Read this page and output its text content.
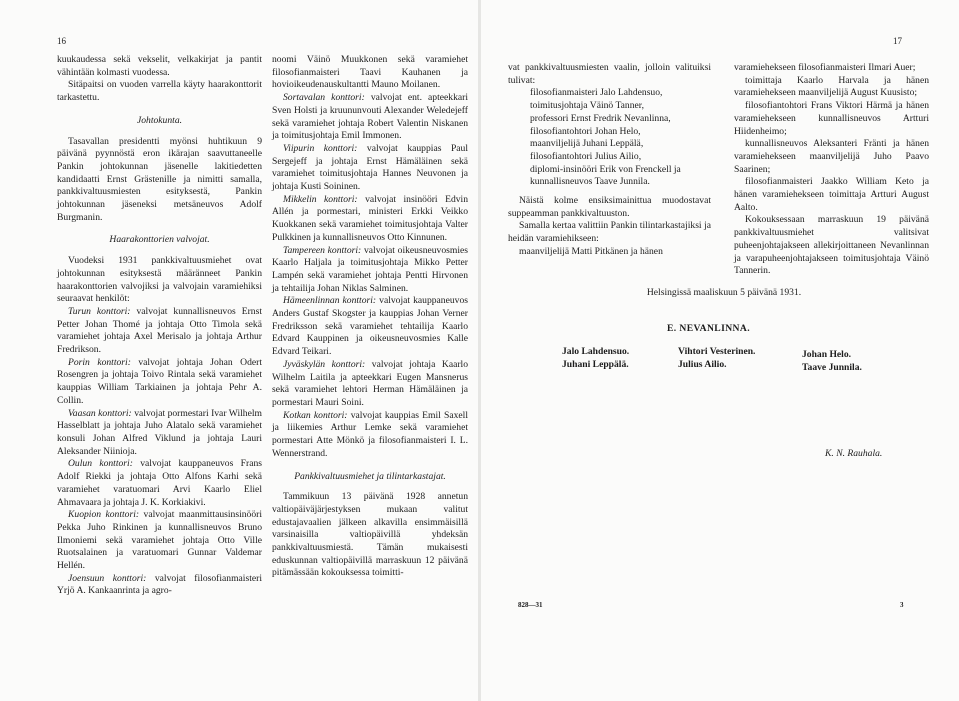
16

kuukaudessa sekä vekselit, velkakirjat ja pantit vähintään kolmasti vuodessa.

Sitäpaitsi on vuoden varrella käyty haarakonttorit tarkastettu.

Johtokunta.

Tasavallan presidentti myönsi huhtikuun 9 päivänä pyynnöstä eron ikärajan saavuttaneelle Pankin johtokunnan jäsenelle lakitiedetten kandidaatti Ernst Grästenille ja nimitti samalla, pankkivaltuusmiesten esityksestä, Pankin johtokunnan jäseneksi metsäneuvos Adolf Burgmanin.

Haarakonttorien valvojat.

Vuodeksi 1931 pankkivaltuusmiehet ovat johtokunnan esityksestä määränneet Pankin haarakonttorien valvojiksi ja valvojain varamiehiksi seuraavat henkilöt:

Turun konttori: valvojat kunnallisneuvos Ernst Petter Johan Thomé ja johtaja Otto Timola sekä varamiehet johtaja Axel Merisalo ja johtaja Arthur Fredrikson.

Porin konttori: valvojat johtaja Johan Odert Rosengren ja johtaja Toivo Rintala sekä varamiehet kauppias William Tarkiainen ja johtaja Pehr A. Collin.

Vaasan konttori: valvojat pormestari Ivar Wilhelm Hasselblatt ja johtaja Juho Alatalo sekä varamiehet konsuli Johan Alfred Viklund ja johtaja Lauri Aleksander Niinioja.

Oulun konttori: valvojat kauppaneuvos Frans Adolf Riekki ja johtaja Otto Alfons Karhi sekä varamiehet varatuomari Arvi Kaarlo Eliel Ahmavaara ja johtaja J. K. Korkiakivi.

Kuopion konttori: valvojat maanmittausinsinööri Pekka Juho Rinkinen ja kunnallisneuvos Bruno Ilmoniemi sekä varamiehet johtaja Otto Ville Ruotsalainen ja varatuomari Gunnar Valdemar Hellén.

Joensuun konttori: valvojat filosofianmaisteri Yrjö A. Kankaanrinta ja agro-

noomi Väinö Muukkonen sekä varamiehet filosofianmaisteri Taavi Kauhanen ja hovioikeudenauskultantti Mauno Moilanen.

Sortavalan konttori: valvojat ent. apteekkari Sven Holsti ja kruununvouti Alexander Weledejeff sekä varamiehet johtaja Robert Valentin Niskanen ja toimitusjohtaja Emil Immonen.

Viipurin konttori: valvojat kauppias Paul Sergejeff ja johtaja Ernst Hämäläinen sekä varamiehet toimitusjohtaja Hannes Neuvonen ja johtaja Kusti Soininen.

Mikkelin konttori: valvojat insinööri Edvin Allén ja pormestari, ministeri Erkki Veikko Kuokkanen sekä varamiehet toimitusjohtaja Valter Pulkkinen ja kunnallisneuvos Otto Kinnunen.

Tampereen konttori: valvojat oikeusneuvosmies Kaarlo Haljala ja toimitusjohtaja Mikko Petter Lampén sekä varamiehet johtaja Pentti Hirvonen ja tehtailija Johan Niklas Salminen.

Hämeenlinnan konttori: valvojat kauppaneuvos Anders Gustaf Skogster ja kauppias Johan Verner Fredriksson sekä varamiehet tehtailija Kaarlo Edvard Kauppinen ja oikeusneuvosmies Kalle Edvard Teikari.

Jyväskylän konttori: valvojat johtaja Kaarlo Wilhelm Laitila ja apteekkari Eugen Mansnerus sekä varamiehet lehtori Herman Hämäläinen ja pormestari Mauri Soini.

Kotkan konttori: valvojat kauppias Emil Saxell ja liikemies Arthur Lemke sekä varamiehet pormestari Atte Mönkö ja filosofianmaisteri I. L. Wennerstrand.

Pankkivaltuusmiehet ja tilintarkastajat.

Tammikuun 13 päivänä 1928 annetun valtiopäiväjärjestyksen mukaan valitut edustajavaalien jälkeen alkavilla ensimmäisillä varsinaisilla valtiopäivillä yhdeksän pankkivaltuusmiestä. Tämän mukaisesti eduskunnan valtiopäivillä marraskuun 12 päivänä pitämässään kokouksessa toimitti-

17

vat pankkivaltuusmiesten vaalin, jolloin valituiksi tulivat:

filosofianmaisteri Jalo Lahdensuo,
toimitusjohtaja Väinö Tanner,
professori Ernst Fredrik Nevanlinna,
filosofiantohtori Johan Helo,
maanviljelijä Juhani Leppälä,
filosofiantohtori Julius Ailio,
diplomi-insinööri Erik von Frenckell ja
kunnallisneuvos Taave Junnila.

Näistä kolme ensiksimainittua muodostavat suppeamman pankkivaltuuston.

Samalla kertaa valittiin Pankin tilintarkastajiksi ja heidän varamiehikseen:

maanviljelijä Matti Pitkänen ja hänen

varamiehekseen filosofianmaisteri Ilmari Auer;

toimittaja Kaarlo Harvala ja hänen varamiehekseen maanviljelijä August Kuusisto;

filosofiantohtori Frans Viktori Härmä ja hänen varamiehekseen kunnallisneuvos Artturi Hiidenheimo;

kunnallisneuvos Aleksanteri Fränti ja hänen varamiehekseen maanviljelijä Juho Paavo Saarinen;

filosofianmaisteri Jaakko William Keto ja hänen varamiehekseen toimittaja Artturi August Aalto.

Kokouksessaan marraskuun 19 päivänä pankkivaltuusmiehet valitsivat puheenjohtajakseen allekirjoittaneen Nevanlinnan ja varapuheenjohtajakseen toimitusjohtaja Väinö Tannerin.

Helsingissä maaliskuun 5 päivänä 1931.

E. NEVANLINNA.
Jalo Lahdensuo.
Juhani Leppälä.
Vihtori Vesterinen.
Julius Ailio.
Johan Helo.
Taave Junnila.
K. N. Rauhala.
828—31	3
